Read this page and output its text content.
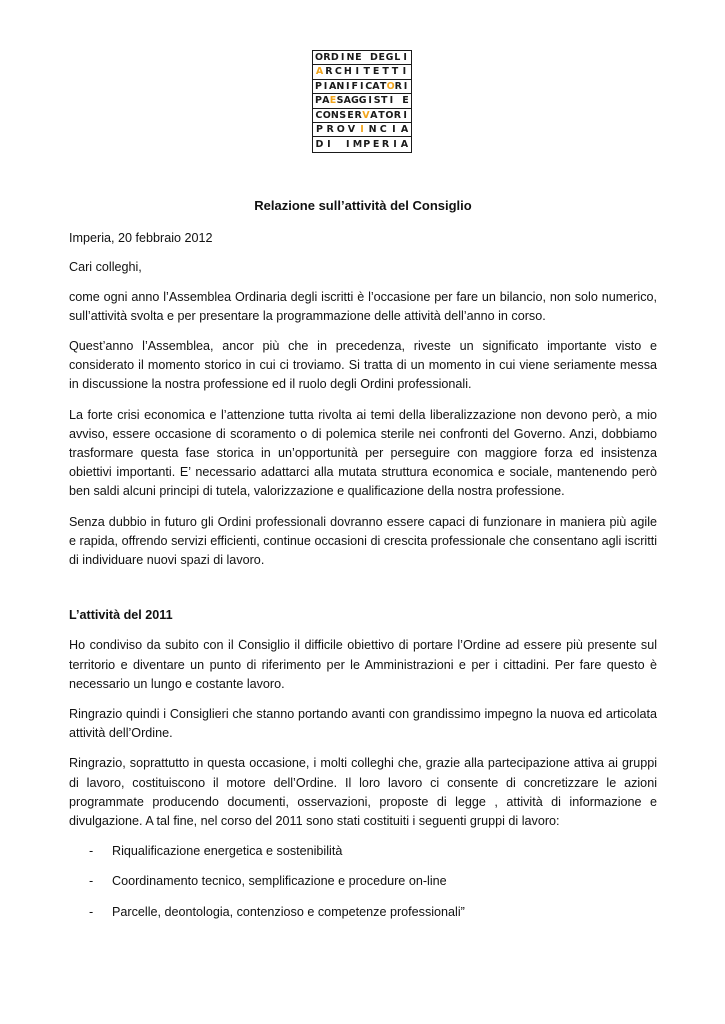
O R D I N E
D E G L I
A R C H I T E T T I
P I A N I F I C A T O R I
P A E S A G G I S T I
E
C O N S E R V A T O R I
P R O V I N C I A
D I
I M P E R I A
Relazione sull’attività del Consiglio
Imperia, 20 febbraio 2012
Cari colleghi,

come ogni anno l’Assemblea Ordinaria degli iscritti è l’occasione per fare un bilancio, non solo numerico, sull’attività svolta e per presentare la programmazione delle attività dell’anno in corso.

Quest’anno l’Assemblea, ancor più che in precedenza, riveste un significato importante visto e considerato il momento storico in cui ci troviamo. Si tratta di un momento in cui viene seriamente messa in discussione la nostra professione ed il ruolo degli Ordini professionali.

La forte crisi economica e l’attenzione tutta rivolta ai temi della liberalizzazione non devono però, a mio avviso, essere occasione di scoramento o di polemica sterile nei confronti del Governo. Anzi, dobbiamo trasformare questa fase storica in un’opportunità per perseguire con maggiore forza ed insistenza obiettivi importanti. E’ necessario adattarci alla mutata struttura economica e sociale, mantenendo però ben saldi alcuni principi di tutela, valorizzazione e qualificazione della nostra professione.

Senza dubbio in futuro gli Ordini professionali dovranno essere capaci di funzionare in maniera più agile e rapida, offrendo servizi efficienti, continue occasioni di crescita professionale che consentano agli iscritti di individuare nuovi spazi di lavoro.

L’attività del 2011

Ho condiviso da subito con il Consiglio il difficile obiettivo di portare l’Ordine ad essere più presente sul territorio e diventare un punto di riferimento per le Amministrazioni e per i cittadini. Per fare questo è necessario un lungo e costante lavoro.

Ringrazio quindi i Consiglieri che stanno portando avanti con grandissimo impegno la nuova ed articolata attività dell’Ordine.

Ringrazio, soprattutto in questa occasione, i molti colleghi che, grazie alla partecipazione attiva ai gruppi di lavoro, costituiscono il motore dell’Ordine. Il loro lavoro ci consente di concretizzare le azioni programmate producendo documenti, osservazioni, proposte di legge , attività di informazione e divulgazione. A tal fine, nel corso del 2011 sono stati costituiti i seguenti gruppi di lavoro:

- Riqualificazione energetica e sostenibilità
- Coordinamento tecnico, semplificazione e procedure on-line
- Parcelle, deontologia, contenzioso e competenze professionali”
